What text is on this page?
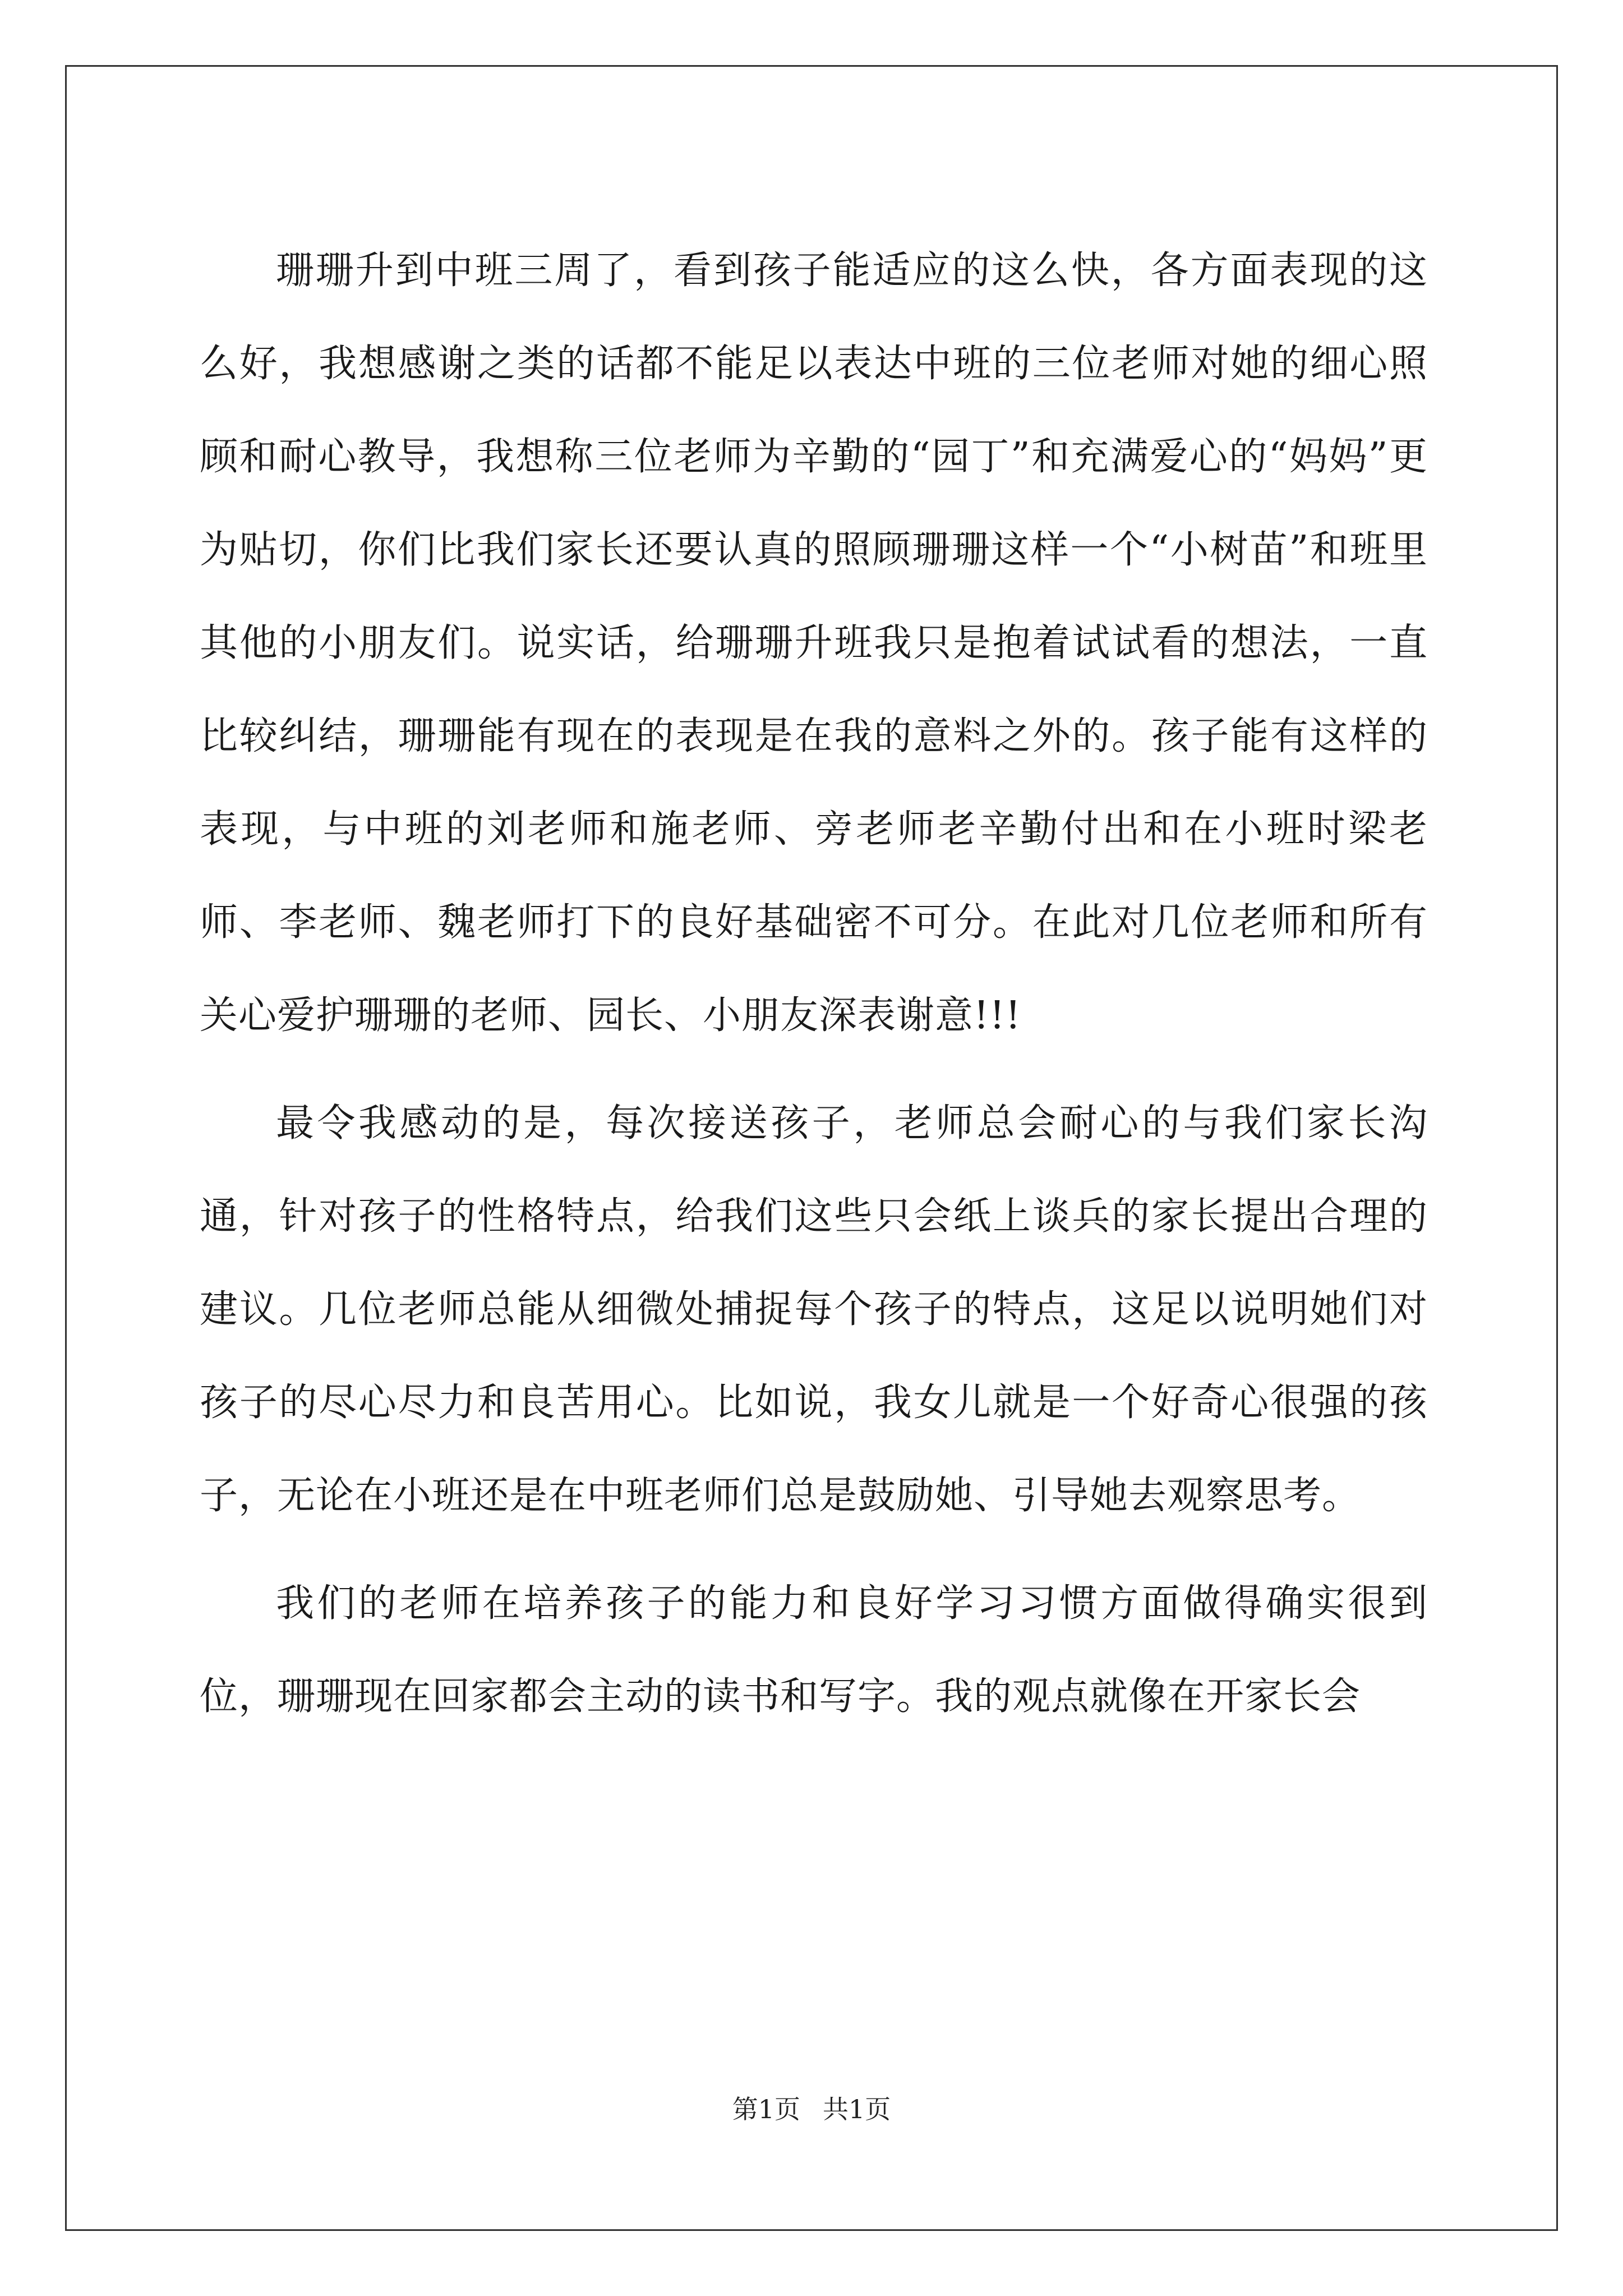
珊珊升到中班三周了，看到孩子能适应的这么快，各方面表现的这么好，我想感谢之类的话都不能足以表达中班的三位老师对她的细心照顾和耐心教导，我想称三位老师为辛勤的“园丁”和充满爱心的“妈妈”更为贴切，你们比我们家长还要认真的照顾珊珊这样一个“小树苗”和班里其他的小朋友们。说实话，给珊珊升班我只是抱着试试看的想法，一直比较纠结，珊珊能有现在的表现是在我的意料之外的。孩子能有这样的表现，与中班的刘老师和施老师、旁老师老辛勤付出和在小班时梁老师、李老师、魏老师打下的良好基础密不可分。在此对几位老师和所有关心爱护珊珊的老师、园长、小朋友深表谢意!!!

最令我感动的是，每次接送孩子，老师总会耐心的与我们家长沟通，针对孩子的性格特点，给我们这些只会纸上谈兵的家长提出合理的建议。几位老师总能从细微处捕捉每个孩子的特点，这足以说明她们对孩子的尽心尽力和良苦用心。比如说，我女儿就是一个好奇心很强的孩子，无论在小班还是在中班老师们总是鼓励她、引导她去观察思考。

我们的老师在培养孩子的能力和良好学习习惯方面做得确实很到位，珊珊现在回家都会主动的读书和写字。我的观点就像在开家长会

第1页 共1页
